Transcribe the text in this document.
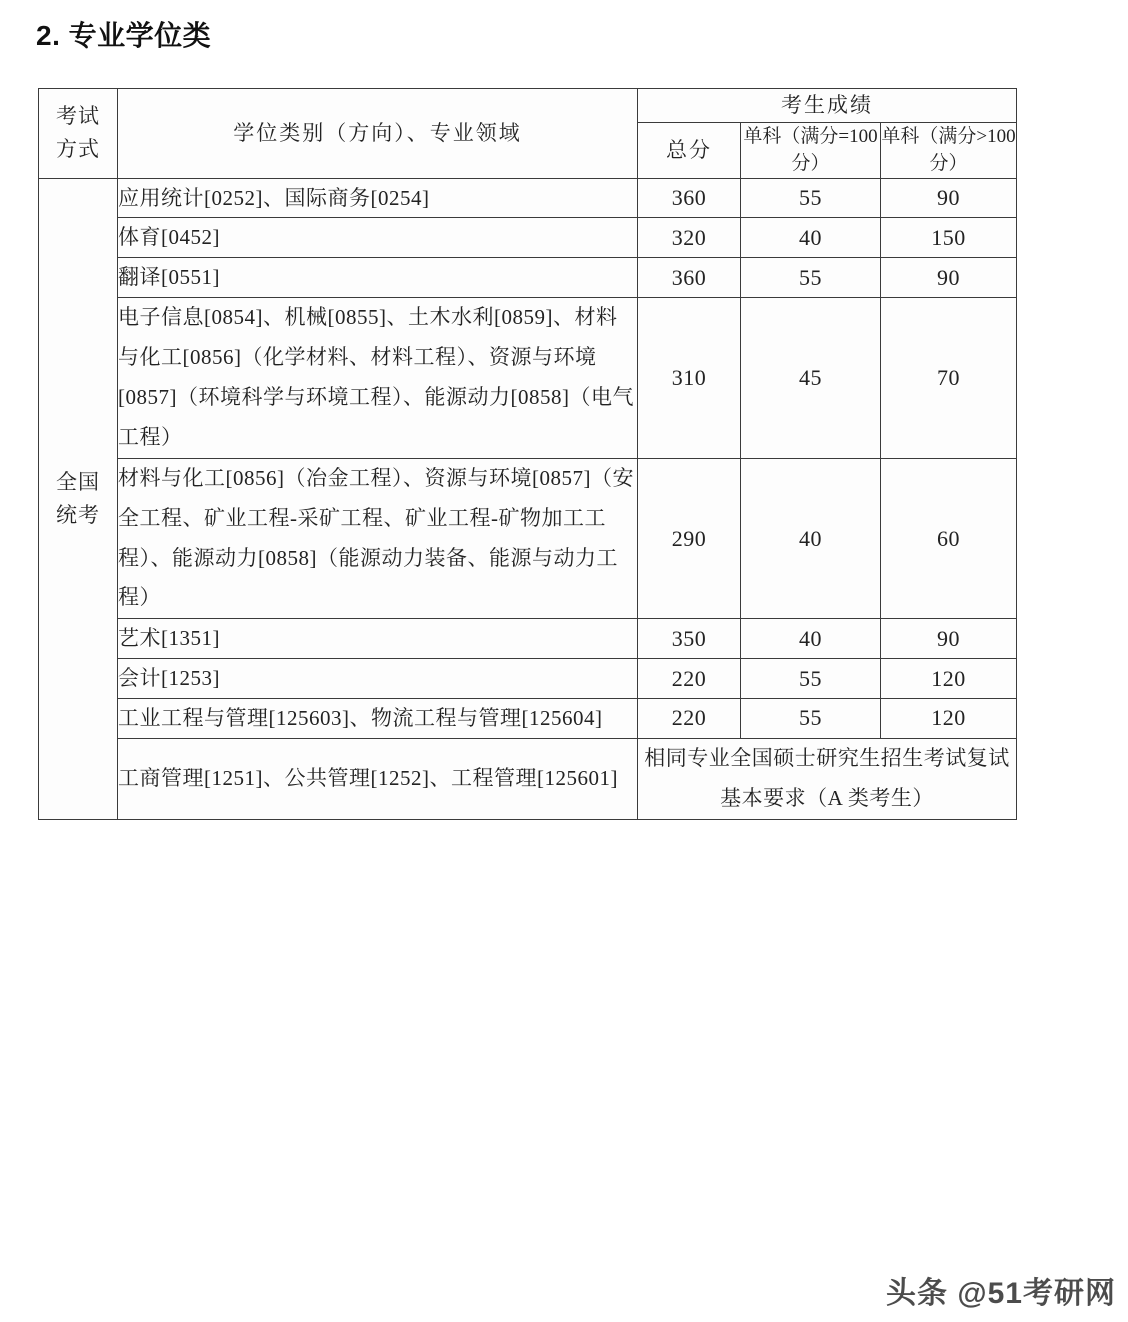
2. 专业学位类
考试
方式	学位类别（方向）、专业领域	考生成绩		
		总分	单科（满分=100 分）	单科（满分>100 分）

全国
统考	应用统计[0252]、国际商务[0254]	360	55	90
	体育[0452]	320	40	150
	翻译[0551]	360	55	90
	电子信息[0854]、机械[0855]、土木水利[0859]、材料与化工[0856]（化学材料、材料工程）、资源与环境[0857]（环境科学与环境工程）、能源动力[0858]（电气工程）	310	45	70
	材料与化工[0856]（冶金工程）、资源与环境[0857]（安全工程、矿业工程-采矿工程、矿业工程-矿物加工工程）、能源动力[0858]（能源动力装备、能源与动力工程）	290	40	60
	艺术[1351]	350	40	90
	会计[1253]	220	55	120
	工业工程与管理[125603]、物流工程与管理[125604]	220	55	120
	工商管理[1251]、公共管理[1252]、工程管理[125601]	相同专业全国硕士研究生招生考试复试基本要求（A 类考生）		
头条 @51考研网
